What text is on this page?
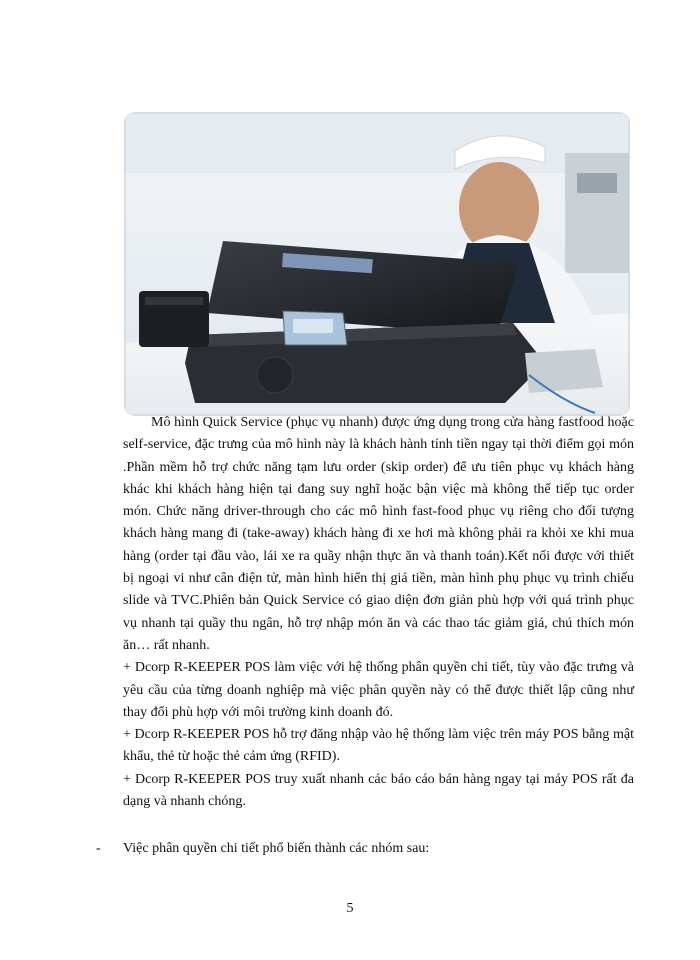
Mô hình Quick Service (phục vụ nhanh) được ứng dụng trong cửa hàng fastfood hoặc self-service, đặc trưng của mô hình này là khách hành tính tiền ngay tại thời điểm gọi món .Phần mềm hỗ trợ chức năng tạm lưu order (skip order) để ưu tiên phục vụ khách hàng khác khi khách hàng hiện tại đang suy nghĩ hoặc bận việc mà không thể tiếp tục order món. Chức năng driver-through cho các mô hình fast-food phục vụ riêng cho đối tượng khách hàng mang đi (take-away) khách hàng đi xe hơi mà không phải ra khỏi xe khi mua hàng (order tại đầu vào, lái xe ra quầy nhận thực ăn và thanh toán).Kết nối được với thiết bị ngoại vi như cân điện tử, màn hình hiển thị giá tiền, màn hình phụ phục vụ trình chiếu slide và TVC.Phiên bản Quick Service có giao diện đơn giản phù hợp với quá trình phục vụ nhanh tại quầy thu ngân, hỗ trợ nhập món ăn và các thao tác giảm giá, chú thích món ăn… rất nhanh.

+ Dcorp R-KEEPER POS làm việc với hệ thống phân quyền chi tiết, tùy vào đặc trưng và yêu cầu của từng doanh nghiệp mà việc phân quyền này có thể được thiết lập cũng như thay đổi phù hợp với môi trường kinh doanh đó.

+ Dcorp R-KEEPER POS hỗ trợ đăng nhập vào hệ thống làm việc trên máy POS bằng mật khẩu, thẻ từ hoặc thẻ cảm ứng (RFID).

+ Dcorp R-KEEPER POS truy xuất nhanh các báo cáo bán hàng ngay tại máy POS rất đa dạng và nhanh chóng.

-	Việc phân quyền chi tiết phổ biến thành các nhóm sau:
5
